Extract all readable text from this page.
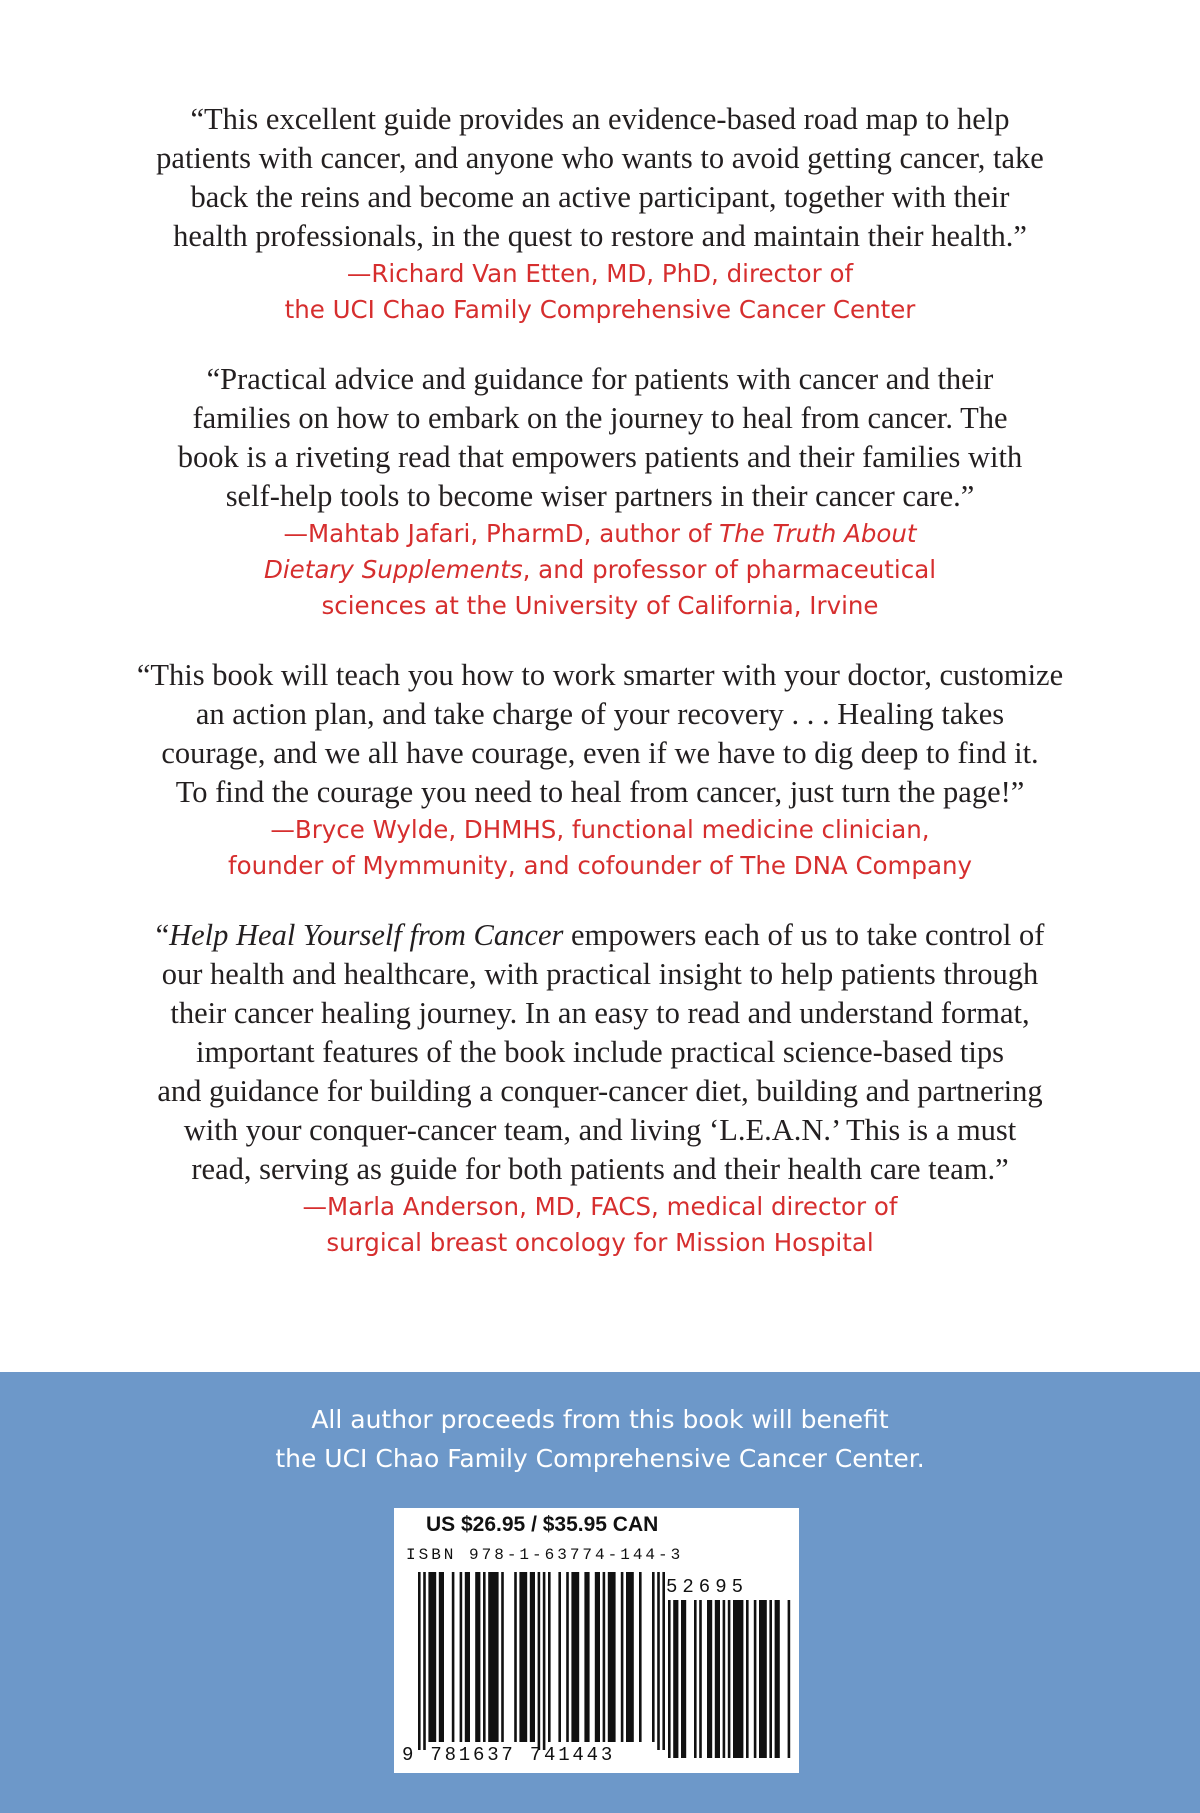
“This excellent guide provides an evidence-based road map to help
patients with cancer, and anyone who wants to avoid getting cancer, take
back the reins and become an active participant, together with their
health professionals, in the quest to restore and maintain their health.”
—Richard Van Etten, MD, PhD, director of
the UCI Chao Family Comprehensive Cancer Center
“Practical advice and guidance for patients with cancer and their
families on how to embark on the journey to heal from cancer. The
book is a riveting read that empowers patients and their families with
self-help tools to become wiser partners in their cancer care.”
—Mahtab Jafari, PharmD, author of The Truth About
Dietary Supplements, and professor of pharmaceutical
sciences at the University of California, Irvine
“This book will teach you how to work smarter with your doctor, customize
an action plan, and take charge of your recovery . . . Healing takes
courage, and we all have courage, even if we have to dig deep to find it.
To find the courage you need to heal from cancer, just turn the page!”
—Bryce Wylde, DHMHS, functional medicine clinician,
founder of Mymmunity, and cofounder of The DNA Company
“Help Heal Yourself from Cancer empowers each of us to take control of
our health and healthcare, with practical insight to help patients through
their cancer healing journey. In an easy to read and understand format,
important features of the book include practical science-based tips
and guidance for building a conquer-cancer diet, building and partnering
with your conquer-cancer team, and living ‘L.E.A.N.’ This is a must
read, serving as guide for both patients and their health care team.”
—Marla Anderson, MD, FACS, medical director of
surgical breast oncology for Mission Hospital
All author proceeds from this book will benefit
the UCI Chao Family Comprehensive Cancer Center.
US $26.95 / $35.95 CAN
ISBN 978-1-63774-144-3
52695
9 781637 741443
